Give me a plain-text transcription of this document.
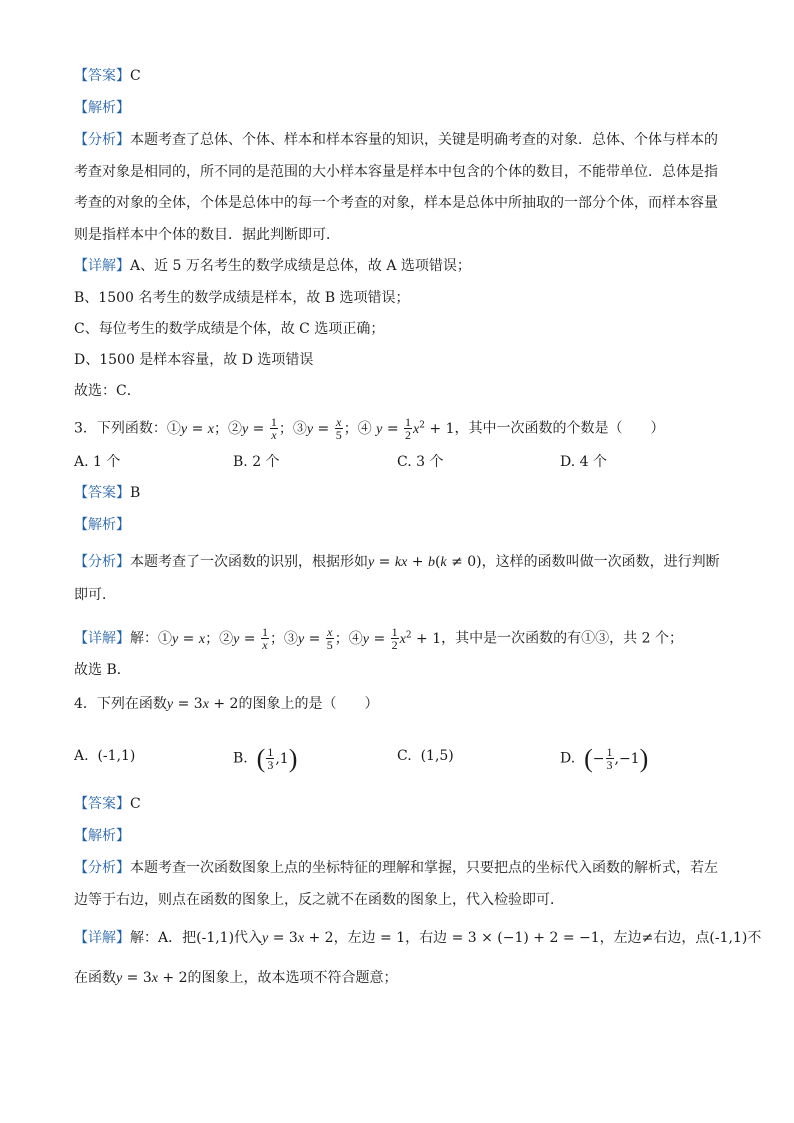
【答案】C
【解析】
【分析】本题考查了总体、个体、样本和样本容量的知识，关键是明确考查的对象．总体、个体与样本的
考查对象是相同的，所不同的是范围的大小样本容量是样本中包含的个体的数目，不能带单位．总体是指
考查的对象的全体，个体是总体中的每一个考查的对象，样本是总体中所抽取的一部分个体，而样本容量
则是指样本中个体的数目．据此判断即可．
【详解】A、近 5 万名考生的数学成绩是总体，故 A 选项错误；
B、1500 名考生的数学成绩是样本，故 B 选项错误；
C、每位考生的数学成绩是个体，故 C 选项正确；
D、1500 是样本容量，故 D 选项错误
故选：C．
3．下列函数：①y = x；②y = $\frac{1}{x}$ ；③y = $\frac{x}{5}$ ；④ $y = \frac{1}{2} x^2 + 1$，其中一次函数的个数是（　　）
A. 1 个	B. 2 个	C. 3 个	D. 4 个
【答案】B
【解析】
【分析】本题考查了一次函数的识别，根据形如y = kx + b(k ≠ 0)，这样的函数叫做一次函数，进行判断
即可．
【详解】解：①y = x；②y = $\frac{1}{x}$ ；③y = $\frac{x}{5}$ ；④y = $\frac{1}{2} x^2 + 1$，其中是一次函数的有①③，共 2 个；
故选 B．
4．下列在函数y = 3x + 2的图象上的是（　　）
A. (-1,1)	B. ( $\frac{1}{3} ,1$)	C. (1,5)	D. (− $\frac{1}{3} ,-1$)
【答案】C
【解析】
【分析】本题考查一次函数图象上点的坐标特征的理解和掌握，只要把点的坐标代入函数的解析式，若左
边等于右边，则点在函数的图象上，反之就不在函数的图象上，代入检验即可．
【详解】解：A．把(-1,1)代入y = 3x + 2，左边 = 1，右边 = 3 × (−1) + 2 = −1，左边≠右边，点(-1,1)不
在函数y = 3x + 2的图象上，故本选项不符合题意；
